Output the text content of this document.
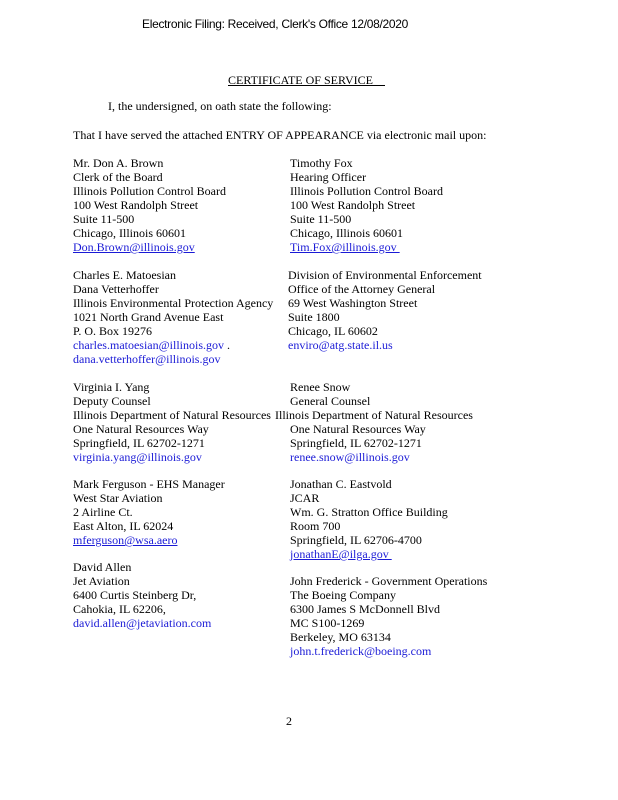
Electronic Filing: Received, Clerk's Office 12/08/2020
CERTIFICATE OF SERVICE
I, the undersigned, on oath state the following:
That I have served the attached ENTRY OF APPEARANCE via electronic mail upon:
Mr. Don A. Brown
Clerk of the Board
Illinois Pollution Control Board
100 West Randolph Street
Suite 11-500
Chicago, Illinois 60601
Don.Brown@illinois.gov
Timothy Fox
Hearing Officer
Illinois Pollution Control Board
100 West Randolph Street
Suite 11-500
Chicago, Illinois 60601
Tim.Fox@illinois.gov
Charles E. Matoesian
Dana Vetterhoffer
Illinois Environmental Protection Agency
1021 North Grand Avenue East
P. O. Box 19276
charles.matoesian@illinois.gov .
dana.vetterhoffer@illinois.gov
Division of Environmental Enforcement
Office of the Attorney General
69 West Washington Street
Suite 1800
Chicago, IL 60602
enviro@atg.state.il.us
Virginia I. Yang
Deputy Counsel
Illinois Department of Natural Resources
One Natural Resources Way
Springfield, IL 62702-1271
virginia.yang@illinois.gov
Renee Snow
General Counsel
Illinois Department of Natural Resources
One Natural Resources Way
Springfield, IL 62702-1271
renee.snow@illinois.gov
Mark Ferguson - EHS Manager
West Star Aviation
2 Airline Ct.
East Alton, IL 62024
mferguson@wsa.aero
Jonathan C. Eastvold
JCAR
Wm. G. Stratton Office Building
Room 700
Springfield, IL 62706-4700
jonathanE@ilga.gov
David Allen
Jet Aviation
6400 Curtis Steinberg Dr,
Cahokia, IL 62206,
david.allen@jetaviation.com
John Frederick - Government Operations
The Boeing Company
6300 James S McDonnell Blvd
MC S100-1269
Berkeley, MO 63134
john.t.frederick@boeing.com
2
